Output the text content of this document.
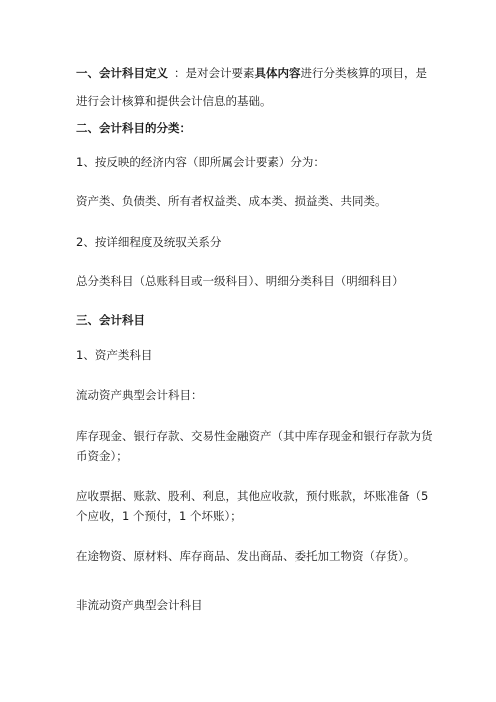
一、会计科目定义 ：是对会计要素具体内容进行分类核算的项目，是
进行会计核算和提供会计信息的基础。
二、会计科目的分类：
1、按反映的经济内容（即所属会计要素）分为：
资产类、负债类、所有者权益类、成本类、损益类、共同类。
2、按详细程度及统驭关系分
总分类科目（总账科目或一级科目）、明细分类科目（明细科目）
三、会计科目
1、资产类科目
流动资产典型会计科目：
库存现金、银行存款、交易性金融资产（其中库存现金和银行存款为货
币资金）；
应收票据、账款、股利、利息，其他应收款，预付账款，坏账准备（5
个应收，1 个预付，1 个坏账）；
在途物资、原材料、库存商品、发出商品、委托加工物资（存货）。
非流动资产典型会计科目
